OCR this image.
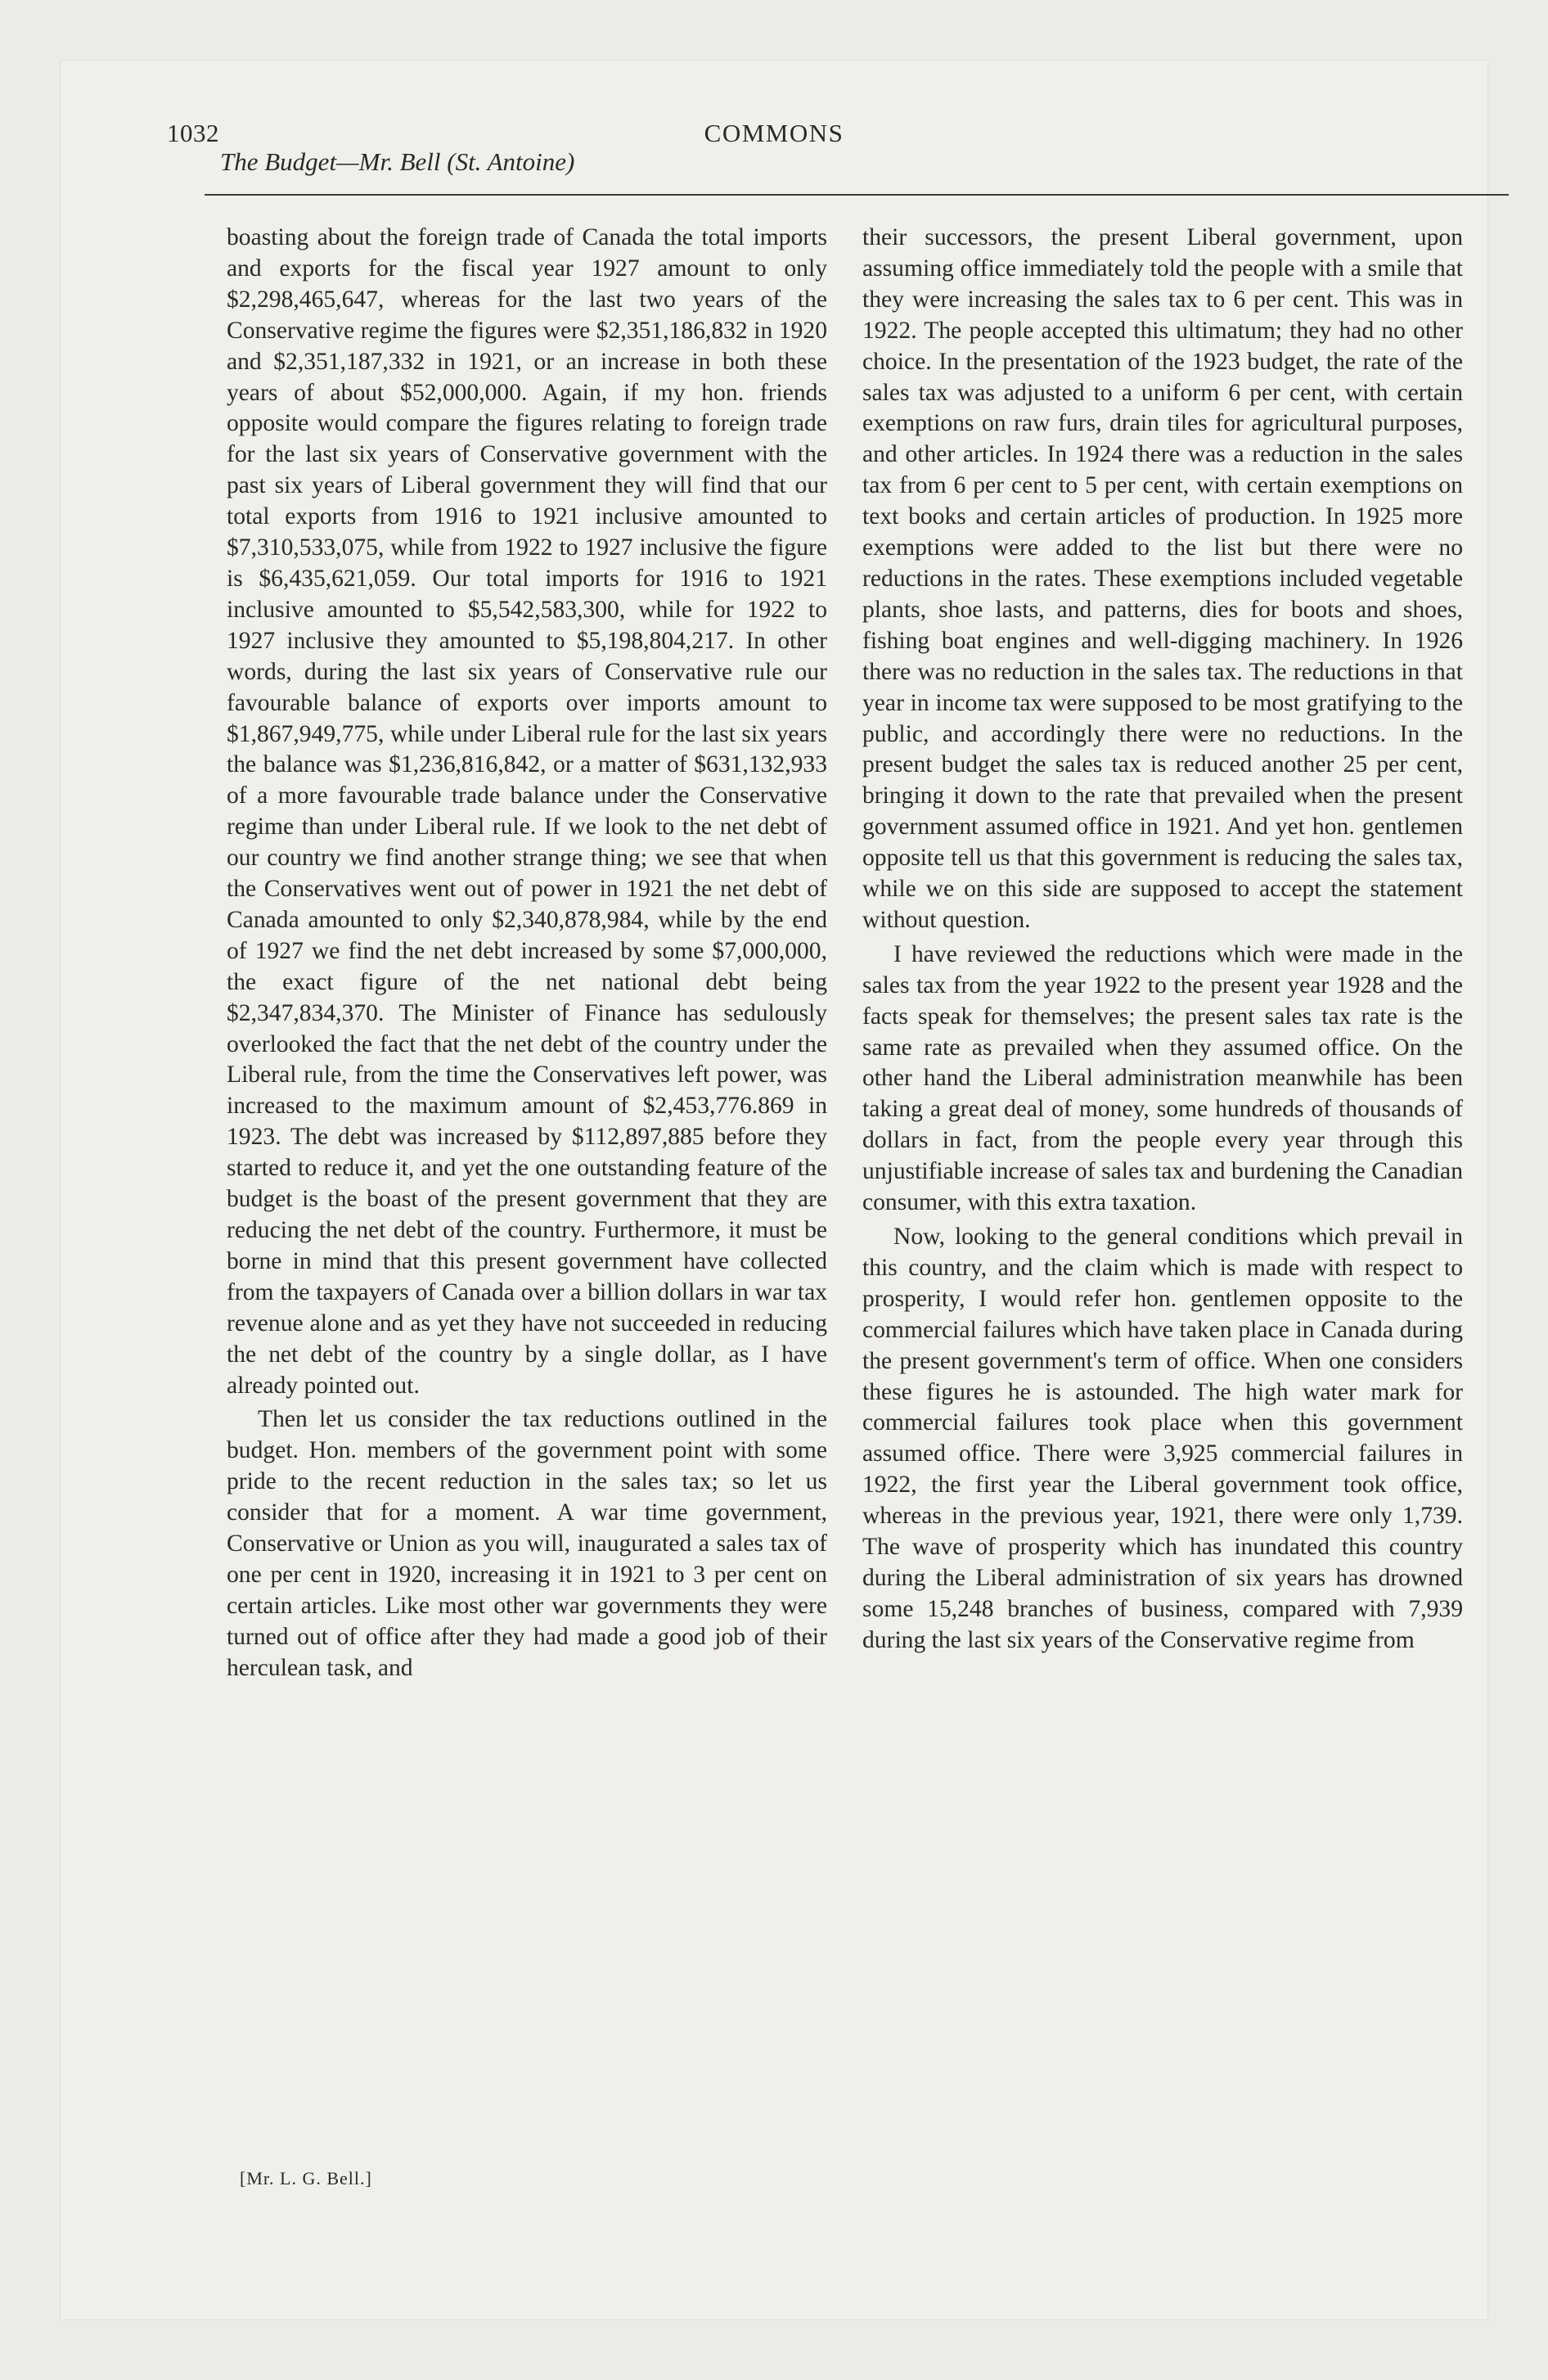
1032	COMMONS
The Budget—Mr. Bell (St. Antoine)

boasting about the foreign trade of Canada the total imports and exports for the fiscal year 1927 amount to only $2,298,465,647, whereas for the last two years of the Conservative regime the figures were $2,351,186,832 in 1920 and $2,351,187,332 in 1921, or an increase in both these years of about $52,000,000. Again, if my hon. friends opposite would compare the figures relating to foreign trade for the last six years of Conservative government with the past six years of Liberal government they will find that our total exports from 1916 to 1921 inclusive amounted to $7,310,533,075, while from 1922 to 1927 inclusive the figure is $6,435,621,059. Our total imports for 1916 to 1921 inclusive amounted to $5,542,583,300, while for 1922 to 1927 inclusive they amounted to $5,198,804,217. In other words, during the last six years of Conservative rule our favourable balance of exports over imports amount to $1,867,949,775, while under Liberal rule for the last six years the balance was $1,236,816,842, or a matter of $631,132,933 of a more favourable trade balance under the Conservative regime than under Liberal rule. If we look to the net debt of our country we find another strange thing; we see that when the Conservatives went out of power in 1921 the net debt of Canada amounted to only $2,340,878,984, while by the end of 1927 we find the net debt increased by some $7,000,000, the exact figure of the net national debt being $2,347,834,370. The Minister of Finance has sedulously overlooked the fact that the net debt of the country under the Liberal rule, from the time the Conservatives left power, was increased to the maximum amount of $2,453,776.869 in 1923. The debt was increased by $112,897,885 before they started to reduce it, and yet the one outstanding feature of the budget is the boast of the present government that they are reducing the net debt of the country. Furthermore, it must be borne in mind that this present government have collected from the taxpayers of Canada over a billion dollars in war tax revenue alone and as yet they have not succeeded in reducing the net debt of the country by a single dollar, as I have already pointed out.

Then let us consider the tax reductions outlined in the budget. Hon. members of the government point with some pride to the recent reduction in the sales tax; so let us consider that for a moment. A war time government, Conservative or Union as you will, inaugurated a sales tax of one per cent in 1920, increasing it in 1921 to 3 per cent on certain articles. Like most other war governments they were turned out of office after they had made a good job of their herculean task, and

their successors, the present Liberal government, upon assuming office immediately told the people with a smile that they were increasing the sales tax to 6 per cent. This was in 1922. The people accepted this ultimatum; they had no other choice. In the presentation of the 1923 budget, the rate of the sales tax was adjusted to a uniform 6 per cent, with certain exemptions on raw furs, drain tiles for agricultural purposes, and other articles. In 1924 there was a reduction in the sales tax from 6 per cent to 5 per cent, with certain exemptions on text books and certain articles of production. In 1925 more exemptions were added to the list but there were no reductions in the rates. These exemptions included vegetable plants, shoe lasts, and patterns, dies for boots and shoes, fishing boat engines and well-digging machinery. In 1926 there was no reduction in the sales tax. The reductions in that year in income tax were supposed to be most gratifying to the public, and accordingly there were no reductions. In the present budget the sales tax is reduced another 25 per cent, bringing it down to the rate that prevailed when the present government assumed office in 1921. And yet hon. gentlemen opposite tell us that this government is reducing the sales tax, while we on this side are supposed to accept the statement without question.

I have reviewed the reductions which were made in the sales tax from the year 1922 to the present year 1928 and the facts speak for themselves; the present sales tax rate is the same rate as prevailed when they assumed office. On the other hand the Liberal administration meanwhile has been taking a great deal of money, some hundreds of thousands of dollars in fact, from the people every year through this unjustifiable increase of sales tax and burdening the Canadian consumer, with this extra taxation.

Now, looking to the general conditions which prevail in this country, and the claim which is made with respect to prosperity, I would refer hon. gentlemen opposite to the commercial failures which have taken place in Canada during the present government's term of office. When one considers these figures he is astounded. The high water mark for commercial failures took place when this government assumed office. There were 3,925 commercial failures in 1922, the first year the Liberal government took office, whereas in the previous year, 1921, there were only 1,739. The wave of prosperity which has inundated this country during the Liberal administration of six years has drowned some 15,248 branches of business, compared with 7,939 during the last six years of the Conservative regime from

[Mr. L. G. Bell.]
